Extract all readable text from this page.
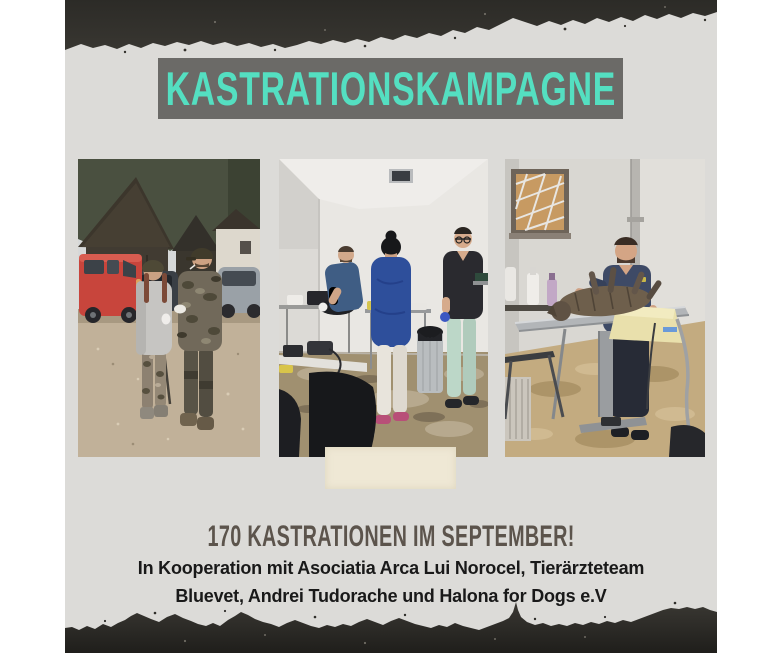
KASTRATIONSKAMPAGNE
170 KASTRATIONEN IM SEPTEMBER!
In Kooperation mit Asociatia Arca Lui Norocel, Tierärzteteam
Bluevet, Andrei Tudorache und Halona for Dogs e.V
